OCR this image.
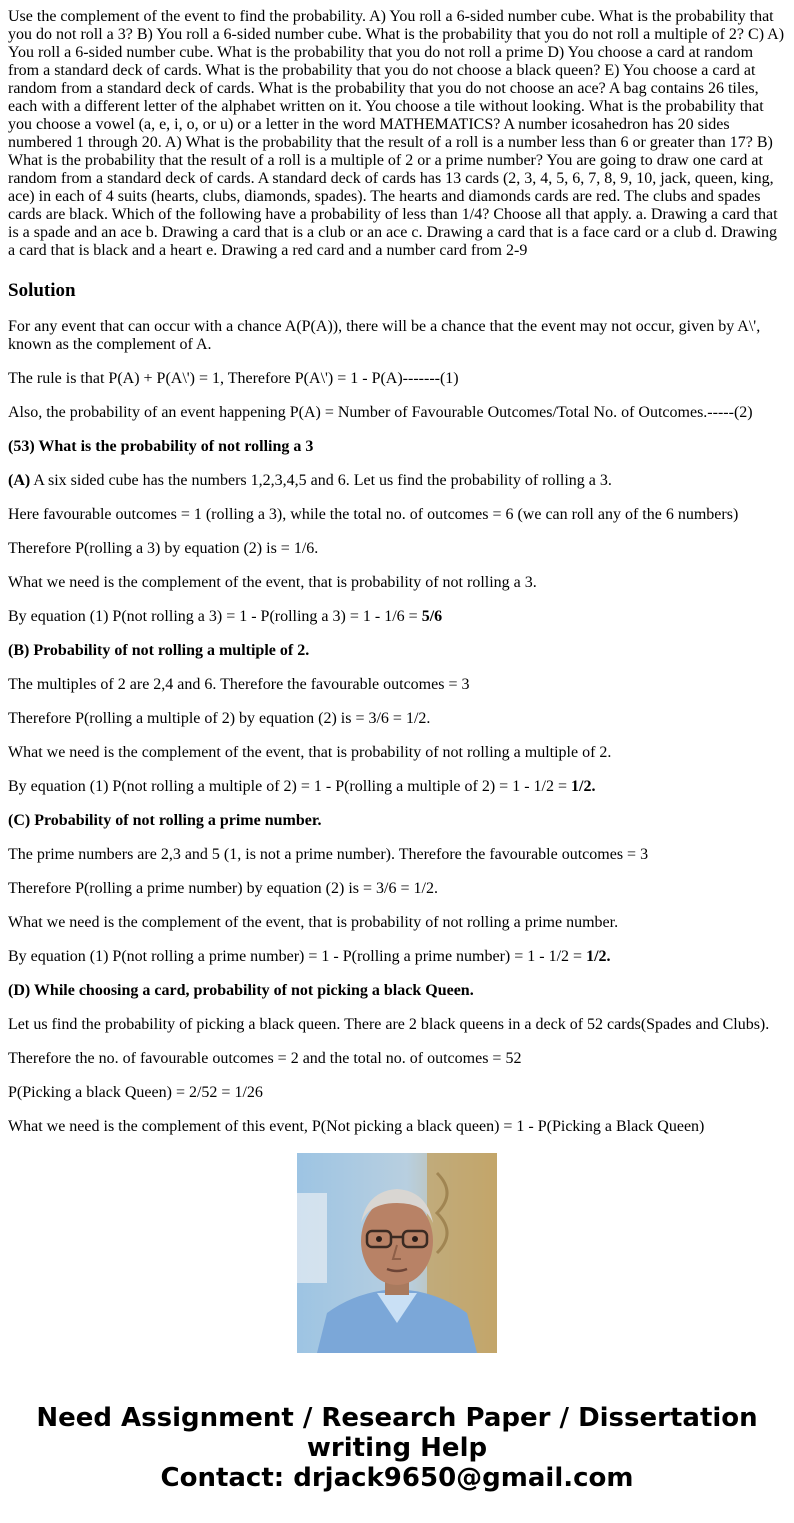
Use the complement of the event to find the probability. A) You roll a 6-sided number cube. What is the probability that you do not roll a 3? B) You roll a 6-sided number cube. What is the probability that you do not roll a multiple of 2? C) A) You roll a 6-sided number cube. What is the probability that you do not roll a prime D) You choose a card at random from a standard deck of cards. What is the probability that you do not choose a black queen? E) You choose a card at random from a standard deck of cards. What is the probability that you do not choose an ace? A bag contains 26 tiles, each with a different letter of the alphabet written on it. You choose a tile without looking. What is the probability that you choose a vowel (a, e, i, o, or u) or a letter in the word MATHEMATICS? A number icosahedron has 20 sides numbered 1 through 20. A) What is the probability that the result of a roll is a number less than 6 or greater than 17? B) What is the probability that the result of a roll is a multiple of 2 or a prime number? You are going to draw one card at random from a standard deck of cards. A standard deck of cards has 13 cards (2, 3, 4, 5, 6, 7, 8, 9, 10, jack, queen, king, ace) in each of 4 suits (hearts, clubs, diamonds, spades). The hearts and diamonds cards are red. The clubs and spades cards are black. Which of the following have a probability of less than 1/4? Choose all that apply. a. Drawing a card that is a spade and an ace b. Drawing a card that is a club or an ace c. Drawing a card that is a face card or a club d. Drawing a card that is black and a heart e. Drawing a red card and a number card from 2-9
Solution

For any event that can occur with a chance A(P(A)), there will be a chance that the event may not occur, given by A\', known as the complement of A.

The rule is that P(A) + P(A\') = 1, Therefore P(A\') = 1 - P(A)-------(1)

Also, the probability of an event happening P(A) = Number of Favourable Outcomes/Total No. of Outcomes.-----(2)

(53) What is the probability of not rolling a 3

(A) A six sided cube has the numbers 1,2,3,4,5 and 6. Let us find the probability of rolling a 3.

Here favourable outcomes = 1 (rolling a 3), while the total no. of outcomes = 6 (we can roll any of the 6 numbers)

Therefore P(rolling a 3) by equation (2) is = 1/6.

What we need is the complement of the event, that is probability of not rolling a 3.

By equation (1) P(not rolling a 3) = 1 - P(rolling a 3) = 1 - 1/6 = 5/6

(B) Probability of not rolling a multiple of 2.

The multiples of 2 are 2,4 and 6. Therefore the favourable outcomes = 3

Therefore P(rolling a multiple of 2) by equation (2) is = 3/6 = 1/2.

What we need is the complement of the event, that is probability of not rolling a multiple of 2.

By equation (1) P(not rolling a multiple of 2) = 1 - P(rolling a multiple of 2) = 1 - 1/2 = 1/2.

(C) Probability of not rolling a prime number.

The prime numbers are 2,3 and 5 (1, is not a prime number). Therefore the favourable outcomes = 3

Therefore P(rolling a prime number) by equation (2) is = 3/6 = 1/2.

What we need is the complement of the event, that is probability of not rolling a prime number.

By equation (1) P(not rolling a prime number) = 1 - P(rolling a prime number) = 1 - 1/2 = 1/2.

(D) While choosing a card, probability of not picking a black Queen.

Let us find the probability of picking a black queen. There are 2 black queens in a deck of 52 cards(Spades and Clubs).

Therefore the no. of favourable outcomes = 2 and the total no. of outcomes = 52

P(Picking a black Queen) = 2/52 = 1/26

What we need is the complement of this event, P(Not picking a black queen) = 1 - P(Picking a Black Queen)

Need Assignment / Research Paper / Dissertation
writing Help
Contact: drjack9650@gmail.com
